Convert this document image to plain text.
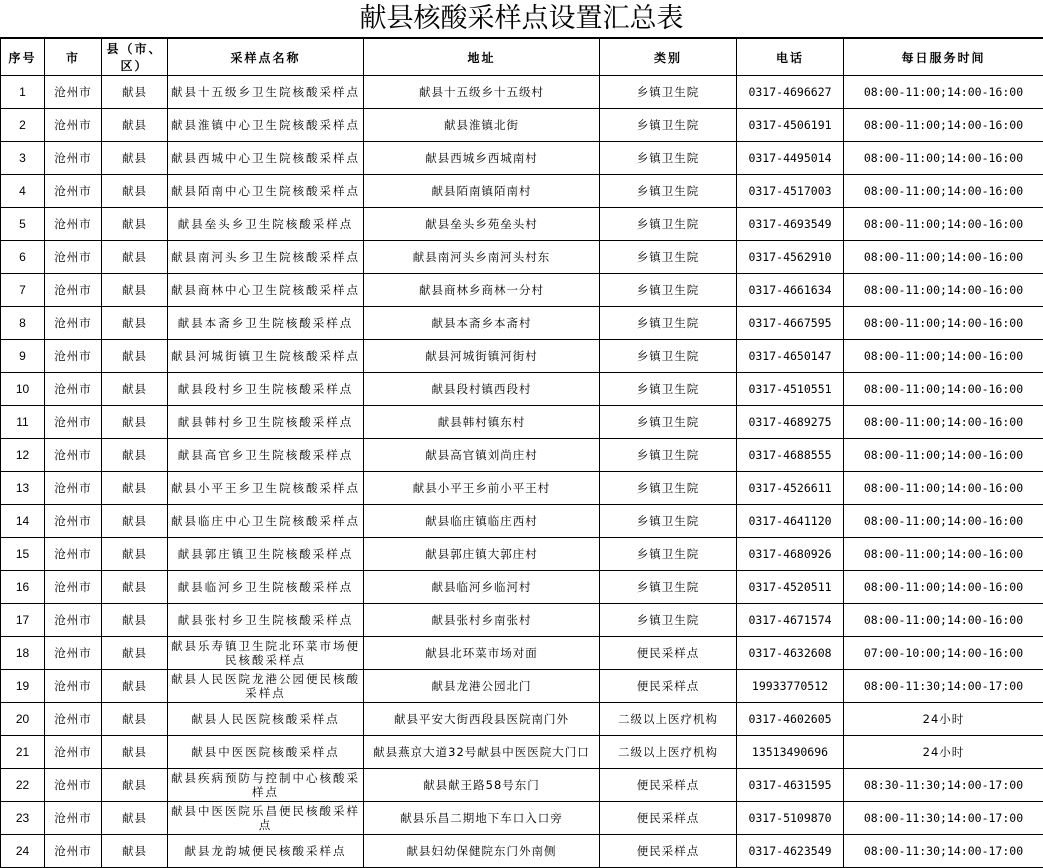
献县核酸采样点设置汇总表
序号	市	县（市、区）	采样点名称	地址	类别	电话	每日服务时间
1	沧州市	献县	献县十五级乡卫生院核酸采样点	献县十五级乡十五级村	乡镇卫生院	0317-4696627	08:00-11:00;14:00-16:00
2	沧州市	献县	献县淮镇中心卫生院核酸采样点	献县淮镇北街	乡镇卫生院	0317-4506191	08:00-11:00;14:00-16:00
3	沧州市	献县	献县西城中心卫生院核酸采样点	献县西城乡西城南村	乡镇卫生院	0317-4495014	08:00-11:00;14:00-16:00
4	沧州市	献县	献县陌南中心卫生院核酸采样点	献县陌南镇陌南村	乡镇卫生院	0317-4517003	08:00-11:00;14:00-16:00
5	沧州市	献县	献县垒头乡卫生院核酸采样点	献县垒头乡苑垒头村	乡镇卫生院	0317-4693549	08:00-11:00;14:00-16:00
6	沧州市	献县	献县南河头乡卫生院核酸采样点	献县南河头乡南河头村东	乡镇卫生院	0317-4562910	08:00-11:00;14:00-16:00
7	沧州市	献县	献县商林中心卫生院核酸采样点	献县商林乡商林一分村	乡镇卫生院	0317-4661634	08:00-11:00;14:00-16:00
8	沧州市	献县	献县本斋乡卫生院核酸采样点	献县本斋乡本斋村	乡镇卫生院	0317-4667595	08:00-11:00;14:00-16:00
9	沧州市	献县	献县河城街镇卫生院核酸采样点	献县河城街镇河街村	乡镇卫生院	0317-4650147	08:00-11:00;14:00-16:00
10	沧州市	献县	献县段村乡卫生院核酸采样点	献县段村镇西段村	乡镇卫生院	0317-4510551	08:00-11:00;14:00-16:00
11	沧州市	献县	献县韩村乡卫生院核酸采样点	献县韩村镇东村	乡镇卫生院	0317-4689275	08:00-11:00;14:00-16:00
12	沧州市	献县	献县高官乡卫生院核酸采样点	献县高官镇刘尚庄村	乡镇卫生院	0317-4688555	08:00-11:00;14:00-16:00
13	沧州市	献县	献县小平王乡卫生院核酸采样点	献县小平王乡前小平王村	乡镇卫生院	0317-4526611	08:00-11:00;14:00-16:00
14	沧州市	献县	献县临庄中心卫生院核酸采样点	献县临庄镇临庄西村	乡镇卫生院	0317-4641120	08:00-11:00;14:00-16:00
15	沧州市	献县	献县郭庄镇卫生院核酸采样点	献县郭庄镇大郭庄村	乡镇卫生院	0317-4680926	08:00-11:00;14:00-16:00
16	沧州市	献县	献县临河乡卫生院核酸采样点	献县临河乡临河村	乡镇卫生院	0317-4520511	08:00-11:00;14:00-16:00
17	沧州市	献县	献县张村乡卫生院核酸采样点	献县张村乡南张村	乡镇卫生院	0317-4671574	08:00-11:00;14:00-16:00
18	沧州市	献县	献县乐寿镇卫生院北环菜市场便民核酸采样点	献县北环菜市场对面	便民采样点	0317-4632608	07:00-10:00;14:00-16:00
19	沧州市	献县	献县人民医院龙港公园便民核酸采样点	献县龙港公园北门	便民采样点	19933770512	08:00-11:30;14:00-17:00
20	沧州市	献县	献县人民医院核酸采样点	献县平安大街西段县医院南门外	二级以上医疗机构	0317-4602605	24小时
21	沧州市	献县	献县中医医院核酸采样点	献县燕京大道32号献县中医医院大门口	二级以上医疗机构	13513490696	24小时
22	沧州市	献县	献县疾病预防与控制中心核酸采样点	献县献王路58号东门	便民采样点	0317-4631595	08:30-11:30;14:00-17:00
23	沧州市	献县	献县中医医院乐昌便民核酸采样点	献县乐昌二期地下车口入口旁	便民采样点	0317-5109870	08:00-11:30;14:00-17:00
24	沧州市	献县	献县龙韵城便民核酸采样点	献县妇幼保健院东门外南侧	便民采样点	0317-4623549	08:00-11:30;14:00-17:00
